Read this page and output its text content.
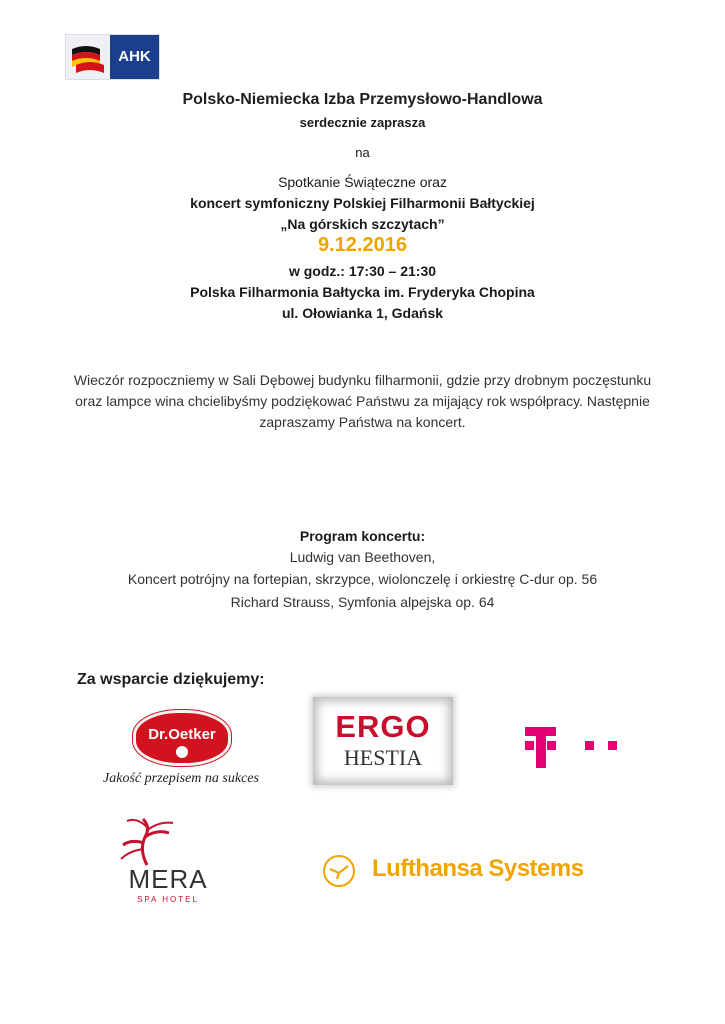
AHK
Polsko-Niemiecka Izba Przemysłowo-Handlowa
serdecznie zaprasza
na
Spotkanie Świąteczne oraz
koncert symfoniczny Polskiej Filharmonii Bałtyckiej
„Na górskich szczytach”
9.12.2016
w godz.: 17:30 – 21:30
Polska Filharmonia Bałtycka im. Fryderyka Chopina
ul. Ołowianka 1, Gdańsk
Wieczór rozpoczniemy w Sali Dębowej budynku filharmonii, gdzie przy drobnym poczęstunku oraz lampce wina chcielibyśmy podziękować Państwu za mijający rok współpracy. Następnie zapraszamy Państwa na koncert.
Program koncertu:
Ludwig van Beethoven,
Koncert potrójny na fortepian, skrzypce, wiolonczelę i orkiestrę C-dur op. 56
Richard Strauss, Symfonia alpejska op. 64
Za wsparcie dziękujemy:
Dr.Oetker
Jakość przepisem na sukces
ERGO
HESTIA
MERA
SPA HOTEL
Lufthansa Systems
